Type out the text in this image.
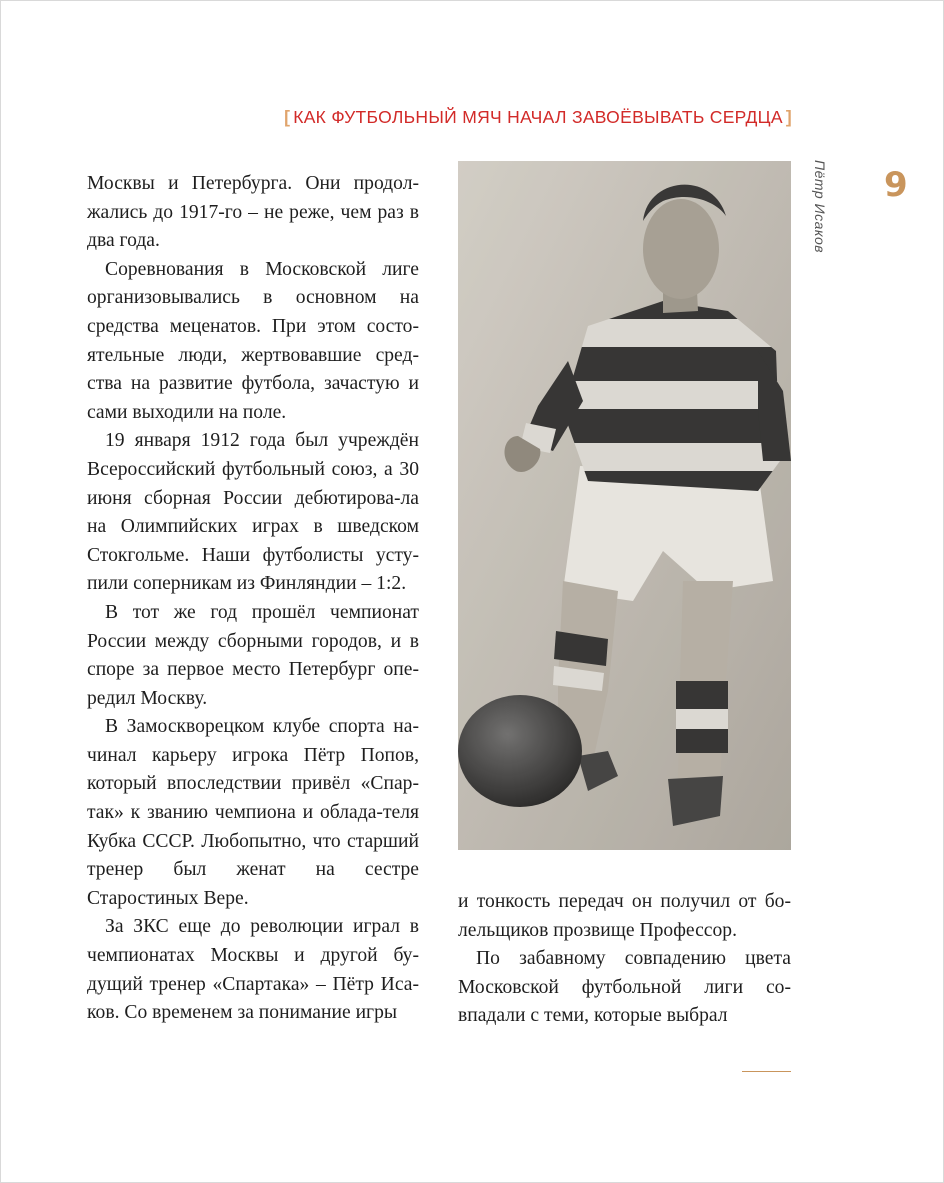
[ КАК ФУТБОЛЬНЫЙ МЯЧ НАЧАЛ ЗАВОЁВЫВАТЬ СЕРДЦА ]
9
Пётр Исаков

Москвы и Петербурга. Они продол-жались до 1917-го – не реже, чем раз в два года.

Соревнования в Московской лиге организовывались в основном на средства меценатов. При этом состо-ятельные люди, жертвовавшие сред-ства на развитие футбола, зачастую и сами выходили на поле.

19 января 1912 года был учреждён Всероссийский футбольный союз, а 30 июня сборная России дебютирова-ла на Олимпийских играх в шведском Стокгольме. Наши футболисты усту-пили соперникам из Финляндии – 1:2.

В тот же год прошёл чемпионат России между сборными городов, и в споре за первое место Петербург опе-редил Москву.

В Замоскворецком клубе спорта на-чинал карьеру игрока Пётр Попов, который впоследствии привёл «Спар-так» к званию чемпиона и облада-теля Кубка СССР. Любопытно, что старший тренер был женат на сестре Старостиных Вере.

За ЗКС еще до революции играл в чемпионатах Москвы и другой бу-дущий тренер «Спартака» – Пётр Иса-ков. Со временем за понимание игры

и тонкость передач он получил от бо-лельщиков прозвище Профессор.

По забавному совпадению цвета Московской футбольной лиги со-впадали с теми, которые выбрал
